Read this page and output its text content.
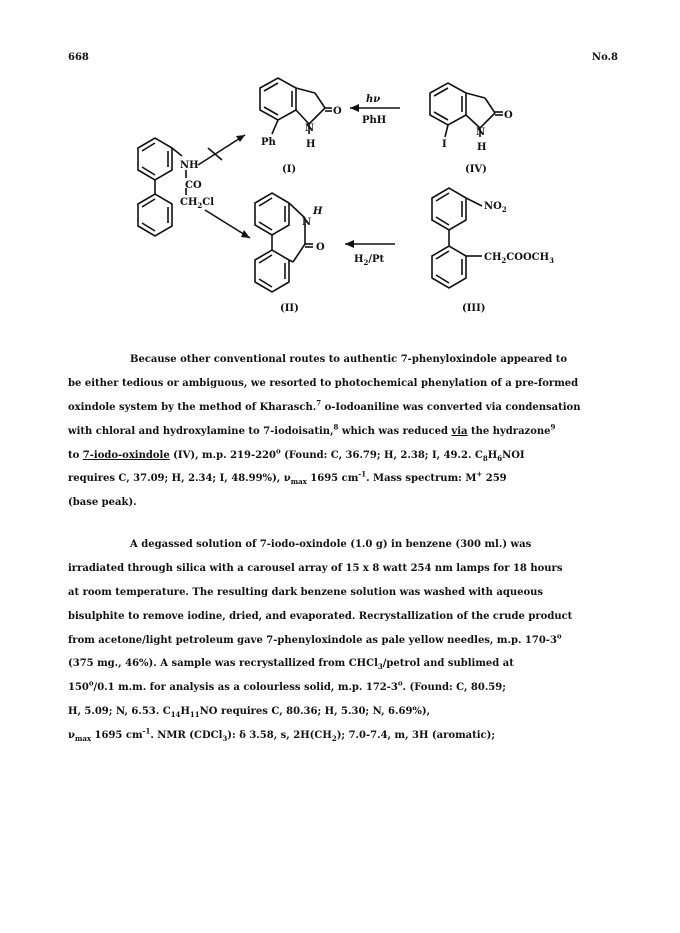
668	No.8
O
N
H
Ph
(I)
O
N
H
I
(IV)
NH
CO
$CH_2Cl$
H
N
O
(II)
$NO_2$
$CH_2COOCH_3$
(III)
hν
PhH
$H_2/Pt$
Because other conventional routes to authentic 7-phenyloxindole appeared to
be either tedious or ambiguous, we resorted to photochemical phenylation of a pre-formed
oxindole system by the method of Kharasch.$^7$ o-Iodoaniline was converted via condensation
with chloral and hydroxylamine to 7-iodoisatin,$^8$ which was reduced via the hydrazone$^9$
to 7-iodo-oxindole (IV), m.p. 219-220$^o$ (Found: C, 36.79; H, 2.38; I, 49.2. $C_8H_6NOI$
requires C, 37.09; H, 2.34; I, 48.99%), $\nu_{max}$ 1695 $cm^{-1}$. Mass spectrum: M+ 259
(base peak).
A degassed solution of 7-iodo-oxindole (1.0 g) in benzene (300 ml.) was
irradiated through silica with a carousel array of 15 x 8 watt 254 nm lamps for 18 hours
at room temperature. The resulting dark benzene solution was washed with aqueous
bisulphite to remove iodine, dried, and evaporated. Recrystallization of the crude product
from acetone/light petroleum gave 7-phenyloxindole as pale yellow needles, m.p. 170-3$^o$
(375 mg., 46%). A sample was recrystallized from CHCl$_3$/petrol and sublimed at
150$^o$/0.1 m.m. for analysis as a colourless solid, m.p. 172-3$^o$. (Found: C, 80.59;
H, 5.09; N, 6.53. $C_{14}H_{11}NO$ requires C, 80.36; H, 5.30; N, 6.69%),
$\nu_{max}$ 1695 $cm^{-1}$. NMR (CDCl$_3$): δ 3.58, s, $2H(CH_2)$; 7.0-7.4, m, 3H (aromatic);
